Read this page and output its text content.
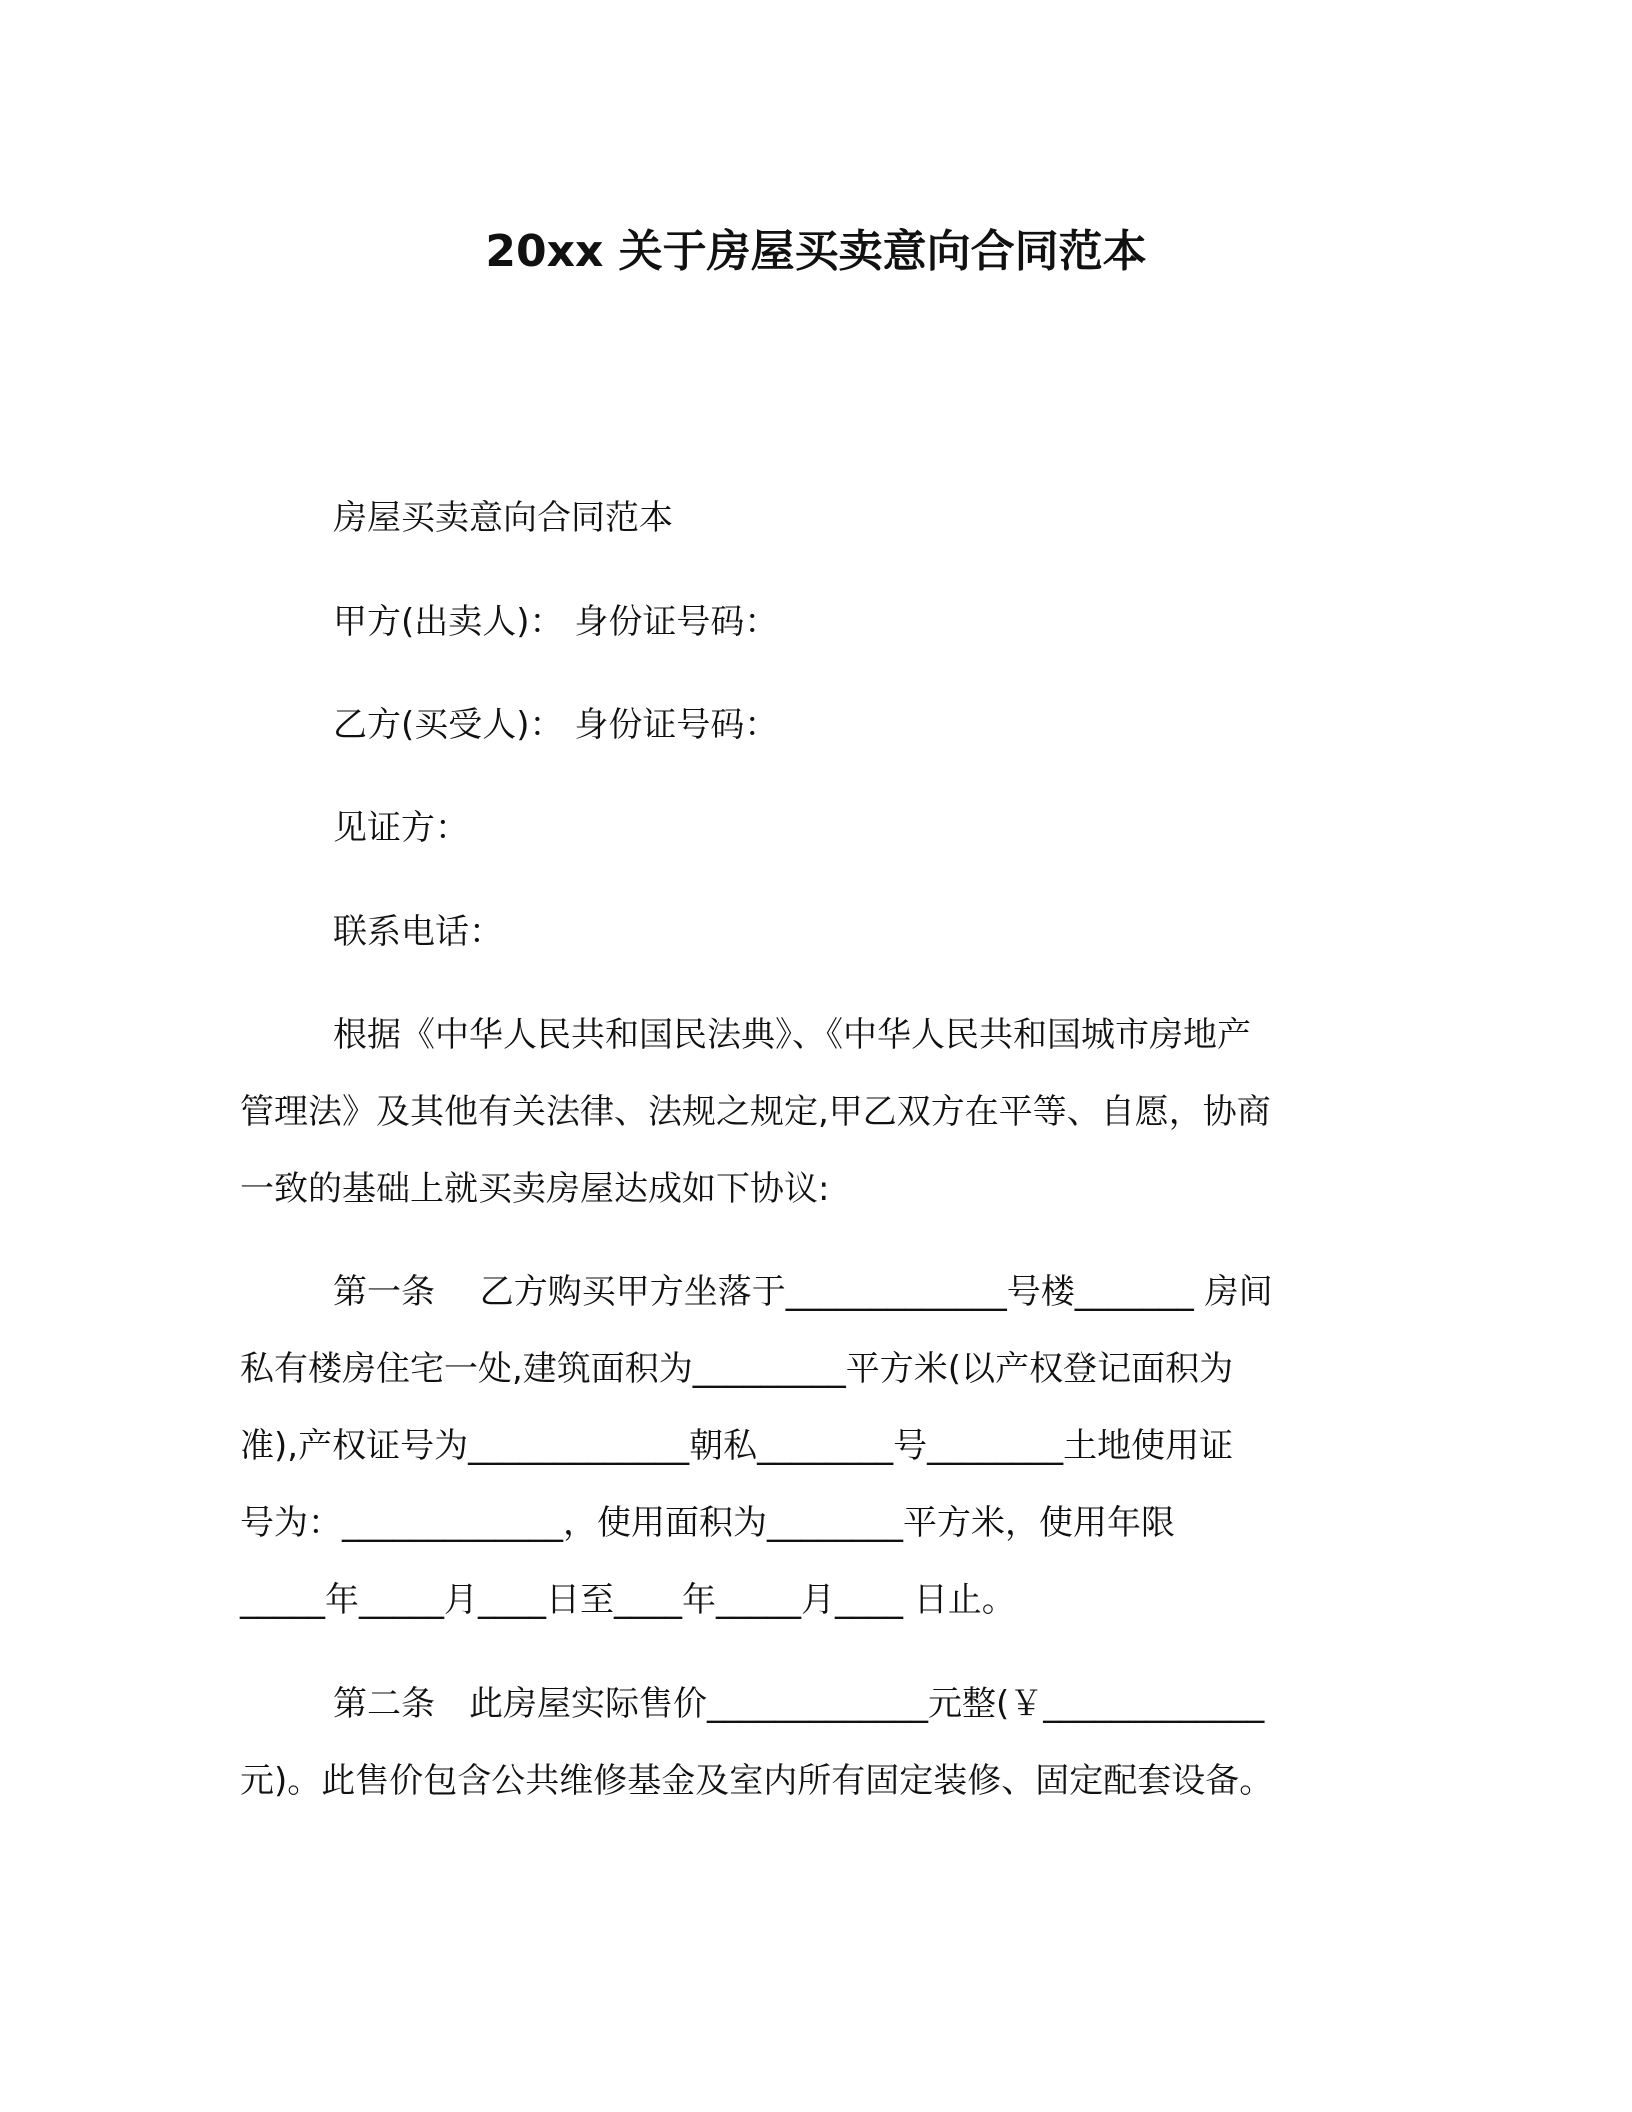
20xx 关于房屋买卖意向合同范本
房屋买卖意向合同范本
甲方(出卖人)： 身份证号码：
乙方(买受人)： 身份证号码：
见证方：
联系电话：
根据《中华人民共和国民法典》、《中华人民共和国城市房地产
管理法》及其他有关法律、法规之规定,甲乙双方在平等、自愿，协商
一致的基础上就买卖房屋达成如下协议:
第一条　 乙方购买甲方坐落于_____________号楼_______ 房间
私有楼房住宅一处,建筑面积为_________平方米(以产权登记面积为
准),产权证号为_____________朝私________号________土地使用证
号为：_____________，使用面积为________平方米，使用年限
_____年_____月____日至____年_____月____ 日止。
第二条　此房屋实际售价_____________元整(￥_____________
元)。此售价包含公共维修基金及室内所有固定装修、固定配套设备。
